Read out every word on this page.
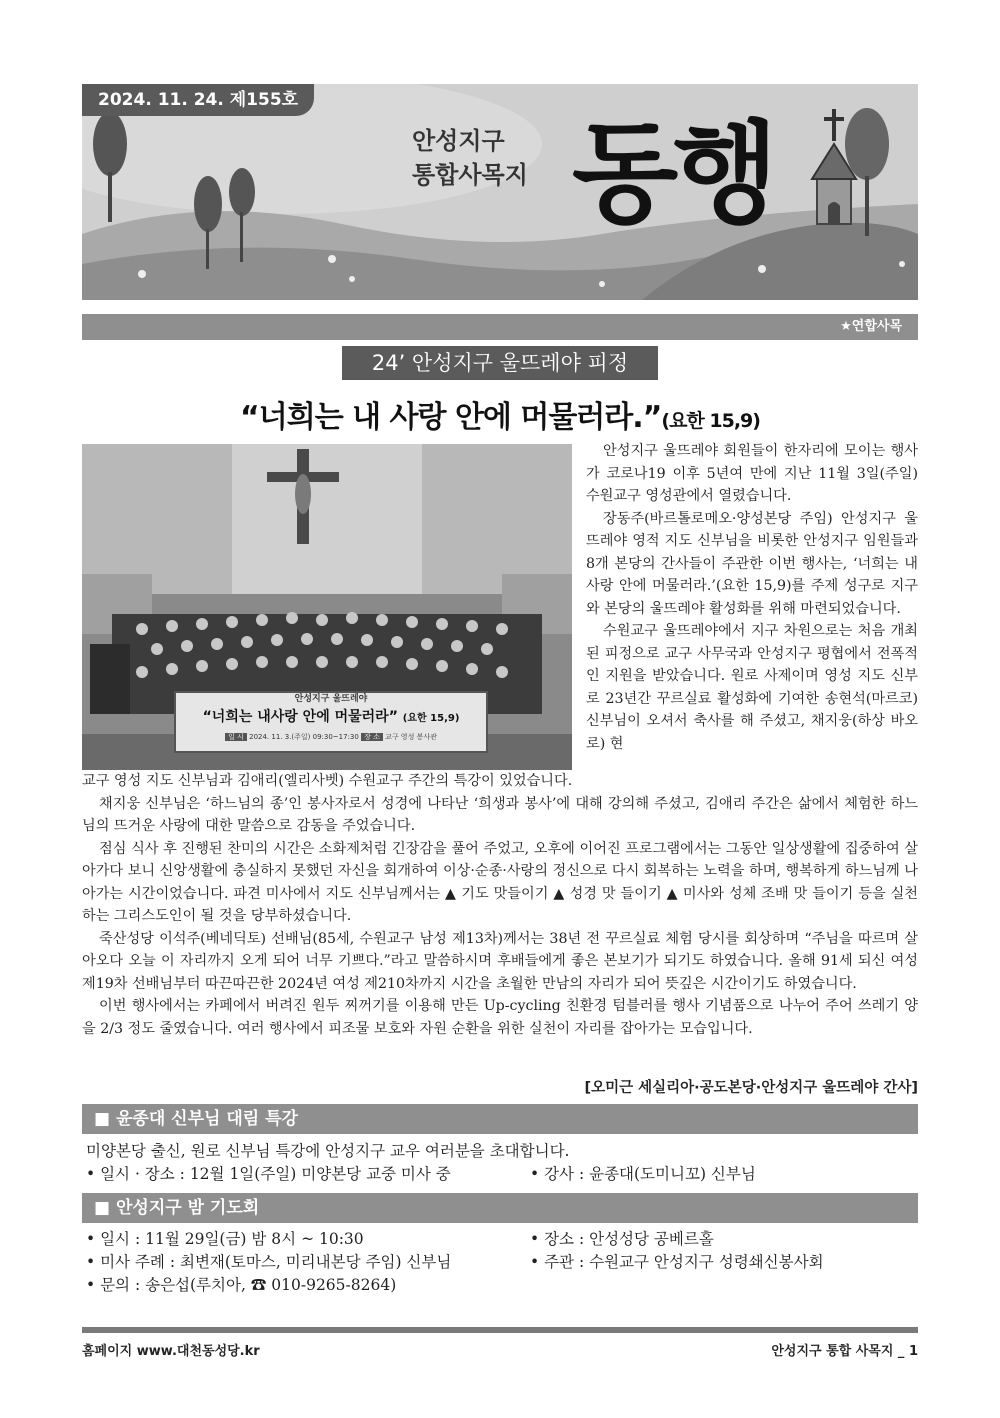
2024. 11. 24. 제155호
안성지구
통합사목지 동행
★연합사목
24’ 안성지구 울뜨레야 피정
“너희는 내 사랑 안에 머물러라.”(요한 15,9)
안성지구 울뜨레야
“너희는 내사랑 안에 머물러라” (요한 15,9)
일 시 2024. 11. 3.(주일) 09:30~17:30 장 소 교구 영성 봉사관

안성지구 울뜨레야 회원들이 한자리에 모이는 행사가 코로나19 이후 5년여 만에 지난 11월 3일(주일) 수원교구 영성관에서 열렸습니다.

장동주(바르톨로메오·양성본당 주임) 안성지구 울뜨레야 영적 지도 신부님을 비롯한 안성지구 임원들과 8개 본당의 간사들이 주관한 이번 행사는, ‘너희는 내 사랑 안에 머물러라.’(요한 15,9)를 주제 성구로 지구와 본당의 울뜨레야 활성화를 위해 마련되었습니다.

수원교구 울뜨레야에서 지구 차원으로는 처음 개최된 피정으로 교구 사무국과 안성지구 평협에서 전폭적인 지원을 받았습니다. 원로 사제이며 영성 지도 신부로 23년간 꾸르실료 활성화에 기여한 송현석(마르코) 신부님이 오셔서 축사를 해 주셨고, 채지웅(하상 바오로) 현

교구 영성 지도 신부님과 김애리(엘리사벳) 수원교구 주간의 특강이 있었습니다.

채지웅 신부님은 ‘하느님의 종’인 봉사자로서 성경에 나타난 ‘희생과 봉사’에 대해 강의해 주셨고, 김애리 주간은 삶에서 체험한 하느님의 뜨거운 사랑에 대한 말씀으로 감동을 주었습니다.

점심 식사 후 진행된 찬미의 시간은 소화제처럼 긴장감을 풀어 주었고, 오후에 이어진 프로그램에서는 그동안 일상생활에 집중하여 살아가다 보니 신앙생활에 충실하지 못했던 자신을 회개하여 이상·순종·사랑의 정신으로 다시 회복하는 노력을 하며, 행복하게 하느님께 나아가는 시간이었습니다. 파견 미사에서 지도 신부님께서는 ▲ 기도 맛들이기 ▲ 성경 맛 들이기 ▲ 미사와 성체 조배 맛 들이기 등을 실천하는 그리스도인이 될 것을 당부하셨습니다.

죽산성당 이석주(베네딕토) 선배님(85세, 수원교구 남성 제13차)께서는 38년 전 꾸르실료 체험 당시를 회상하며 “주님을 따르며 살아오다 오늘 이 자리까지 오게 되어 너무 기쁘다.”라고 말씀하시며 후배들에게 좋은 본보기가 되기도 하였습니다. 올해 91세 되신 여성 제19차 선배님부터 따끈따끈한 2024년 여성 제210차까지 시간을 초월한 만남의 자리가 되어 뜻깊은 시간이기도 하였습니다.

이번 행사에서는 카페에서 버려진 원두 찌꺼기를 이용해 만든 Up-cycling 친환경 텀블러를 행사 기념품으로 나누어 주어 쓰레기 양을 2/3 정도 줄였습니다. 여러 행사에서 피조물 보호와 자원 순환을 위한 실천이 자리를 잡아가는 모습입니다.

[오미근 세실리아·공도본당·안성지구 울뜨레야 간사]
■ 윤종대 신부님 대림 특강
미양본당 출신, 원로 신부님 특강에 안성지구 교우 여러분을 초대합니다.
• 일시 · 장소 : 12월 1일(주일) 미양본당 교중 미사 중	• 강사 : 윤종대(도미니꼬) 신부님
■ 안성지구 밤 기도회
• 일시 : 11월 29일(금) 밤 8시 ~ 10:30
• 미사 주례 : 최변재(토마스, 미리내본당 주임) 신부님
• 문의 : 송은섭(루치아, ☎ 010-9265-8264)
• 장소 : 안성성당 공베르홀
• 주관 : 수원교구 안성지구 성령쇄신봉사회
홈페이지 www.대천동성당.kr	안성지구 통합 사목지 _ 1
